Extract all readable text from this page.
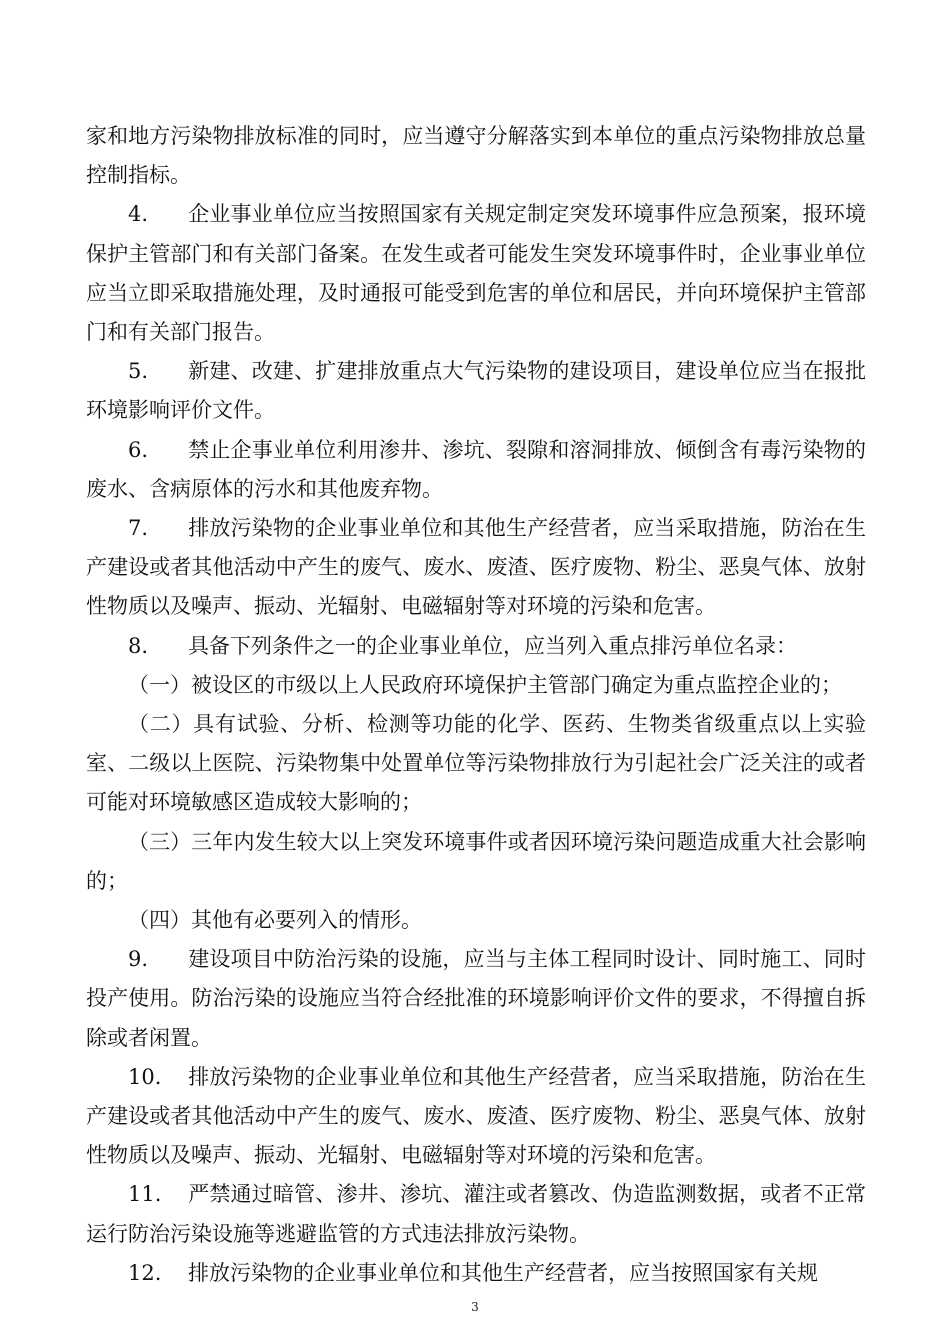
家和地方污染物排放标准的同时，应当遵守分解落实到本单位的重点污染物排放总量控制指标。

4. 企业事业单位应当按照国家有关规定制定突发环境事件应急预案，报环境保护主管部门和有关部门备案。在发生或者可能发生突发环境事件时，企业事业单位应当立即采取措施处理，及时通报可能受到危害的单位和居民，并向环境保护主管部门和有关部门报告。

5. 新建、改建、扩建排放重点大气污染物的建设项目，建设单位应当在报批环境影响评价文件。

6. 禁止企事业单位利用渗井、渗坑、裂隙和溶洞排放、倾倒含有毒污染物的废水、含病原体的污水和其他废弃物。

7. 排放污染物的企业事业单位和其他生产经营者，应当采取措施，防治在生产建设或者其他活动中产生的废气、废水、废渣、医疗废物、粉尘、恶臭气体、放射性物质以及噪声、振动、光辐射、电磁辐射等对环境的污染和危害。

8. 具备下列条件之一的企业事业单位，应当列入重点排污单位名录：

（一）被设区的市级以上人民政府环境保护主管部门确定为重点监控企业的；

（二）具有试验、分析、检测等功能的化学、医药、生物类省级重点以上实验室、二级以上医院、污染物集中处置单位等污染物排放行为引起社会广泛关注的或者可能对环境敏感区造成较大影响的；

（三）三年内发生较大以上突发环境事件或者因环境污染问题造成重大社会影响的；

（四）其他有必要列入的情形。

9. 建设项目中防治污染的设施，应当与主体工程同时设计、同时施工、同时投产使用。防治污染的设施应当符合经批准的环境影响评价文件的要求，不得擅自拆除或者闲置。

10. 排放污染物的企业事业单位和其他生产经营者，应当采取措施，防治在生产建设或者其他活动中产生的废气、废水、废渣、医疗废物、粉尘、恶臭气体、放射性物质以及噪声、振动、光辐射、电磁辐射等对环境的污染和危害。

11. 严禁通过暗管、渗井、渗坑、灌注或者篡改、伪造监测数据，或者不正常运行防治污染设施等逃避监管的方式违法排放污染物。

12. 排放污染物的企业事业单位和其他生产经营者，应当按照国家有关规

3
